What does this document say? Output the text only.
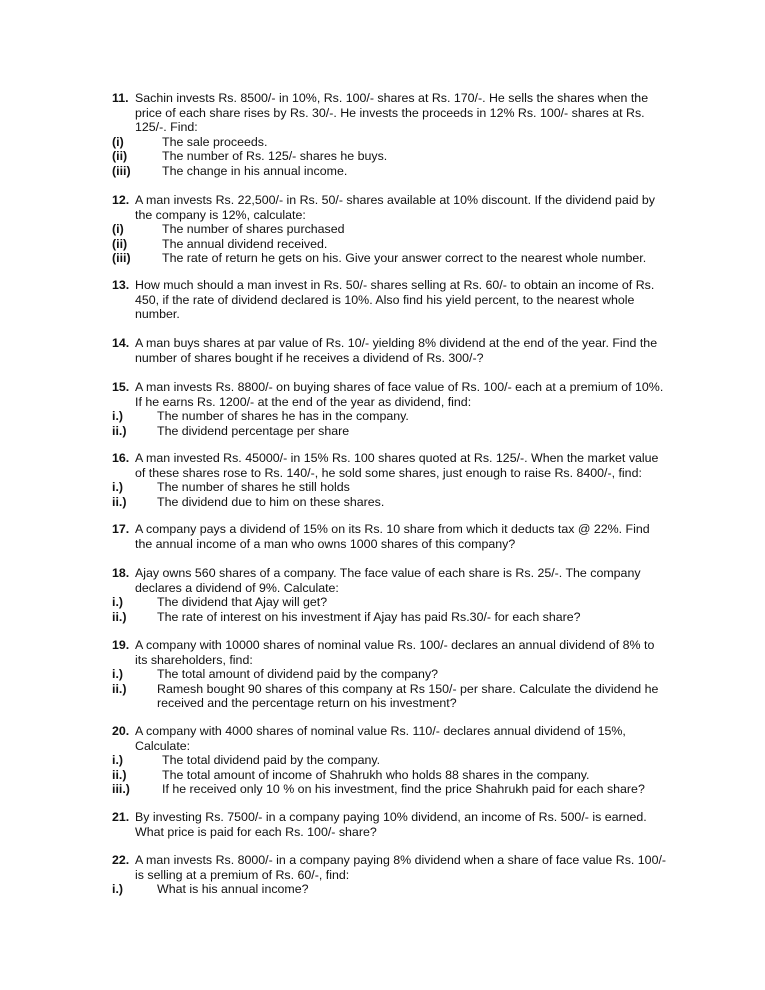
11. Sachin invests Rs. 8500/- in 10%, Rs. 100/- shares at Rs. 170/-. He sells the shares when the
price of each share rises by Rs. 30/-. He invests the proceeds in 12% Rs. 100/- shares at Rs.
125/-. Find:
(i)	The sale proceeds.
(ii)	The number of Rs. 125/- shares he buys.
(iii)	The change in his annual income.
12. A man invests Rs. 22,500/- in Rs. 50/- shares available at 10% discount. If the dividend paid by
the company is 12%, calculate:
(i)	The number of shares purchased
(ii)	The annual dividend received.
(iii)	The rate of return he gets on his. Give your answer correct to the nearest whole number.
13. How much should a man invest in Rs. 50/- shares selling at Rs. 60/- to obtain an income of Rs.
450, if the rate of dividend declared is 10%. Also find his yield percent, to the nearest whole
number.
14. A man buys shares at par value of Rs. 10/- yielding 8% dividend at the end of the year. Find the
number of shares bought if he receives a dividend of Rs. 300/-?
15. A man invests Rs. 8800/- on buying shares of face value of Rs. 100/- each at a premium of 10%.
If he earns Rs. 1200/- at the end of the year as dividend, find:
i.)	The number of shares he has in the company.
ii.) The dividend percentage per share
16. A man invested Rs. 45000/- in 15% Rs. 100 shares quoted at Rs. 125/-. When the market value
of these shares rose to Rs. 140/-, he sold some shares, just enough to raise Rs. 8400/-, find:
i.)	The number of shares he still holds
ii.) The dividend due to him on these shares.
17. A company pays a dividend of 15% on its Rs. 10 share from which it deducts tax @ 22%. Find
the annual income of a man who owns 1000 shares of this company?
18. Ajay owns 560 shares of a company. The face value of each share is Rs. 25/-. The company
declares a dividend of 9%. Calculate:
i.)	The dividend that Ajay will get?
ii.) The rate of interest on his investment if Ajay has paid Rs.30/- for each share?
19. A company with 10000 shares of nominal value Rs. 100/- declares an annual dividend of 8% to
its shareholders, find:
i.)	The total amount of dividend paid by the company?
ii.) Ramesh bought 90 shares of this company at Rs 150/- per share. Calculate the dividend he
received and the percentage return on his investment?
20. A company with 4000 shares of nominal value Rs. 110/- declares annual dividend of 15%,
Calculate:
i.)	The total dividend paid by the company.
ii.)	The total amount of income of Shahrukh who holds 88 shares in the company.
iii.)	If he received only 10 % on his investment, find the price Shahrukh paid for each share?
21. By investing Rs. 7500/- in a company paying 10% dividend, an income of Rs. 500/- is earned.
What price is paid for each Rs. 100/- share?
22. A man invests Rs. 8000/- in a company paying 8% dividend when a share of face value Rs. 100/-
is selling at a premium of Rs. 60/-, find:
i.)	What is his annual income?
